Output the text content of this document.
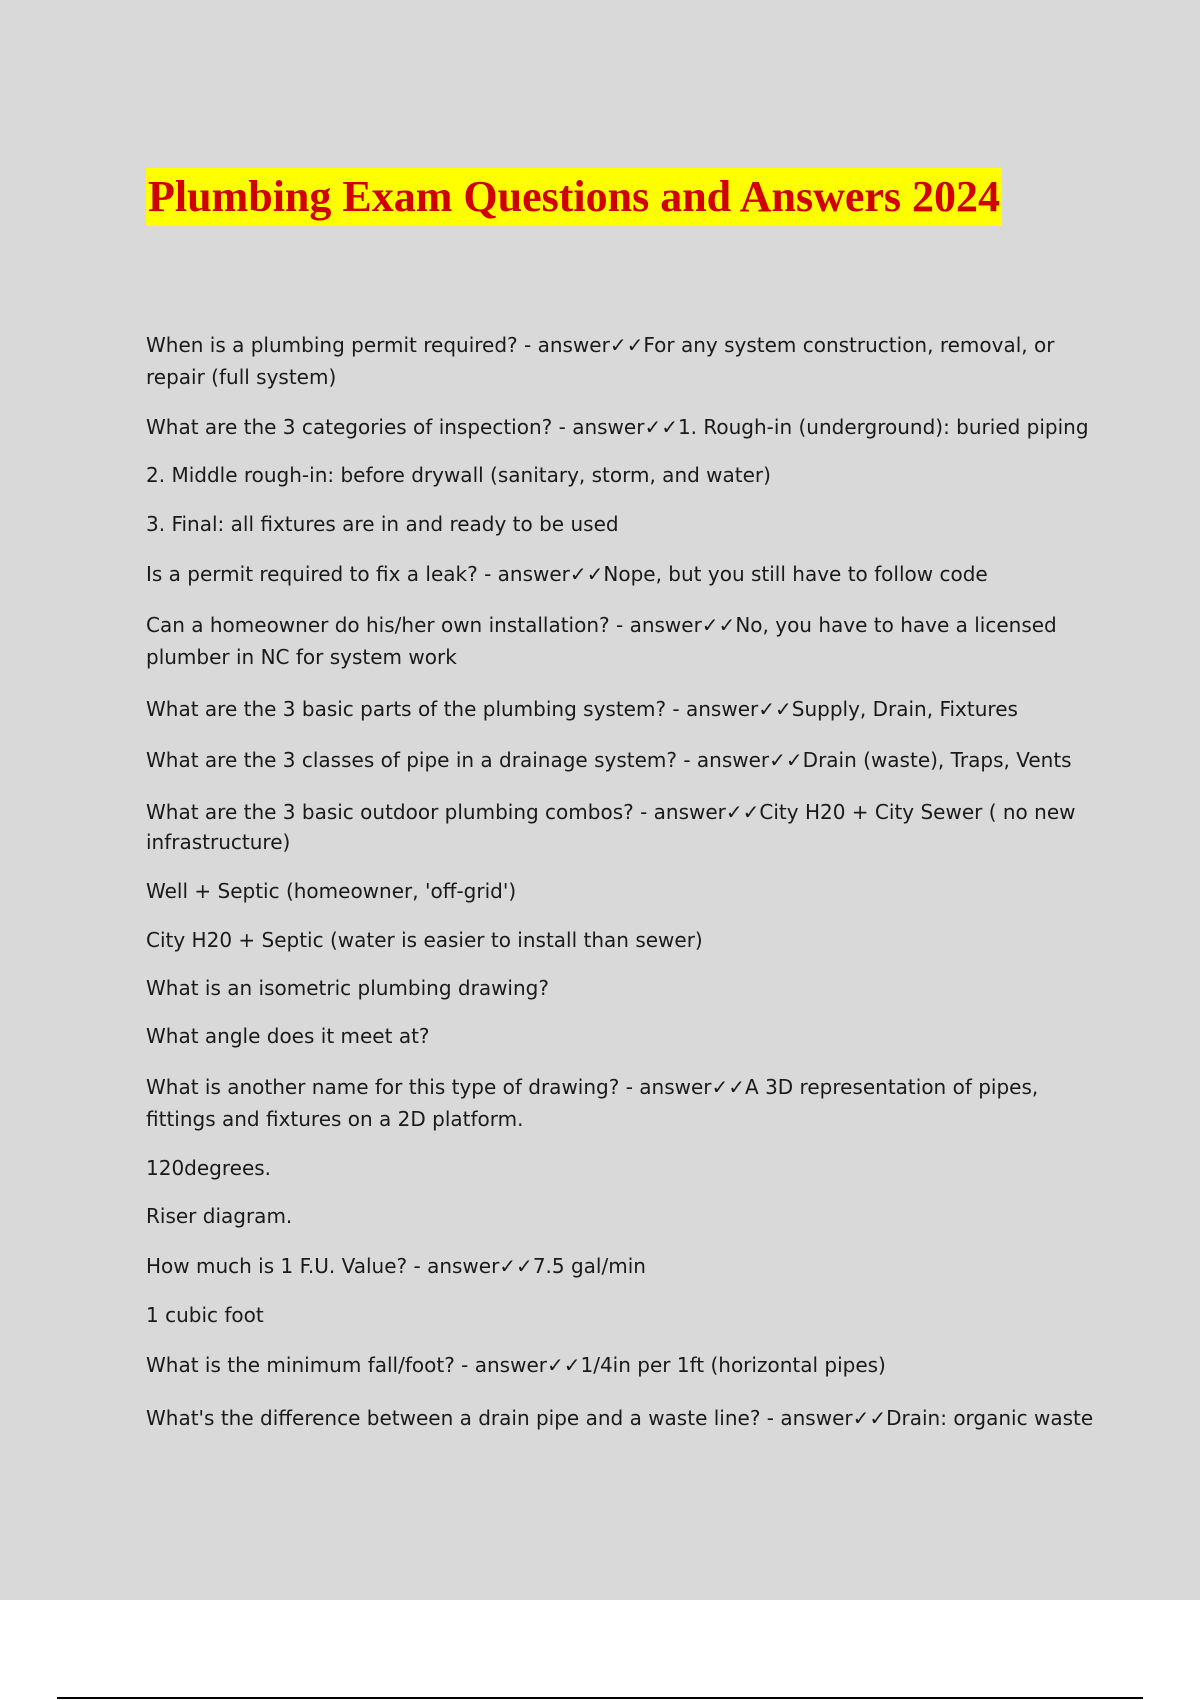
Plumbing Exam Questions and Answers 2024

When is a plumbing permit required? - answer✓✓For any system construction, removal, or

repair (full system)

What are the 3 categories of inspection? - answer✓✓1. Rough-in (underground): buried piping

2. Middle rough-in: before drywall (sanitary, storm, and water)

3. Final: all fixtures are in and ready to be used

Is a permit required to fix a leak? - answer✓✓Nope, but you still have to follow code

Can a homeowner do his/her own installation? - answer✓✓No, you have to have a licensed

plumber in NC for system work

What are the 3 basic parts of the plumbing system? - answer✓✓Supply, Drain, Fixtures

What are the 3 classes of pipe in a drainage system? - answer✓✓Drain (waste), Traps, Vents

What are the 3 basic outdoor plumbing combos? - answer✓✓City H20 + City Sewer ( no new

infrastructure)

Well + Septic (homeowner, 'off-grid')

City H20 + Septic (water is easier to install than sewer)

What is an isometric plumbing drawing?

What angle does it meet at?

What is another name for this type of drawing? - answer✓✓A 3D representation of pipes,

fittings and fixtures on a 2D platform.

120degrees.

Riser diagram.

How much is 1 F.U. Value? - answer✓✓7.5 gal/min

1 cubic foot

What is the minimum fall/foot? - answer✓✓1/4in per 1ft (horizontal pipes)

What's the difference between a drain pipe and a waste line? - answer✓✓Drain: organic waste
